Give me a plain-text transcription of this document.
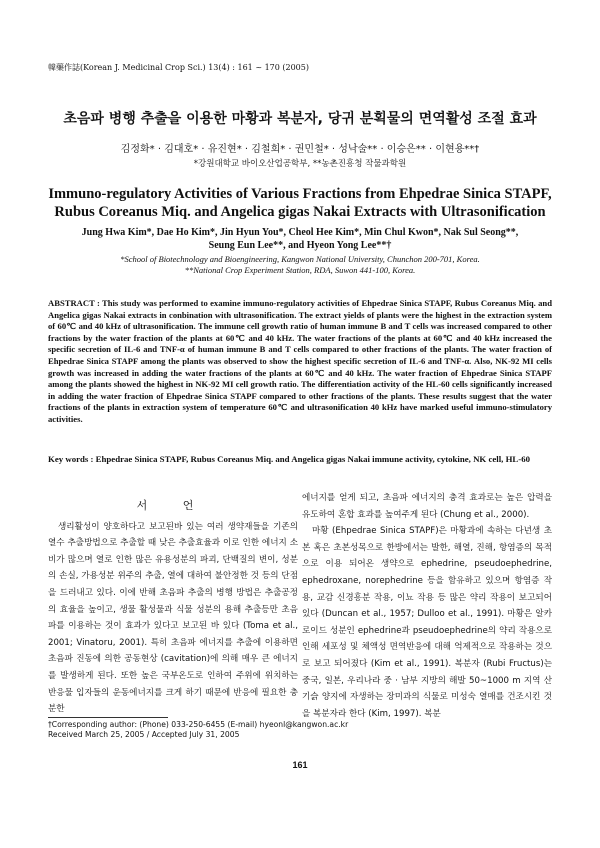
韓藥作誌(Korean J. Medicinal Crop Sci.) 13(4) : 161 ~ 170 (2005)
초음파 병행 추출을 이용한 마황과 복분자, 당귀 분획물의 면역활성 조절 효과
김정화* · 김대호* · 유진현* · 김철희* · 권민철* · 성낙술** · 이승은** · 이현용**†
*강원대학교 바이오산업공학부, **농촌진흥청 작물과학원
Immuno-regulatory Activities of Various Fractions from Ehpedrae Sinica STAPF,
Rubus Coreanus Miq. and Angelica gigas Nakai Extracts with Ultrasonification
Jung Hwa Kim*, Dae Ho Kim*, Jin Hyun You*, Cheol Hee Kim*, Min Chul Kwon*, Nak Sul Seong**,
Seung Eun Lee**, and Hyeon Yong Lee**†
*School of Biotechnology and Bioengineering, Kangwon National University, Chunchon 200-701, Korea.
**National Crop Experiment Station, RDA, Suwon 441-100, Korea.
ABSTRACT : This study was performed to examine immuno-regulatory activities of Ehpedrae Sinica STAPF, Rubus Coreanus Miq. and Angelica gigas Nakai extracts in conbination with ultrasonification. The extract yields of plants were the highest in the extraction system of 60℃ and 40 kHz of ultrasonification. The immune cell growth ratio of human immune B and T cells was increased compared to other fractions by the water fraction of the plants at 60℃ and 40 kHz. The water fractions of the plants at 60℃ and 40 kHz increased the specific secretion of IL-6 and TNF-α of human immune B and T cells compared to other fractions of the plants. The water fraction of Ehpedrae Sinica STAPF among the plants was observed to show the highest specific secretion of IL-6 and TNF-α. Also, NK-92 MI cells growth was increased in adding the water fractions of the plants at 60℃ and 40 kHz. The water fraction of Ehpedrae Sinica STAPF among the plants showed the highest in NK-92 MI cell growth ratio. The differentiation activity of the HL-60 cells significantly increased in adding the water fraction of Ehpedrae Sinica STAPF compared to other fractions of the plants. These results suggest that the water fractions of the plants in extraction system of temperature 60℃ and ultrasonification 40 kHz have marked useful immuno-stimulatory activities.
Key words : Ehpedrae Sinica STAPF, Rubus Coreanus Miq. and Angelica gigas Nakai immune activity, cytokine, NK cell, HL-60
서 언

생리활성이 양호하다고 보고된바 있는 여러 생약재들을 기존의 열수 추출방법으로 추출할 때 낮은 추출효율과 이로 인한 에너지 소비가 많으며 열로 인한 많은 유용성분의 파괴, 단백질의 변이, 성분의 손실, 가용성분 위주의 추출, 열에 대하여 불안정한 것 등의 단점을 드러내고 있다. 이에 반해 초음파 추출의 병행 방법은 추출공정의 효율을 높이고, 생물 활성물과 식물 성분의 용해 추출등만 초음파를 이용하는 것이 효과가 있다고 보고된 바 있다 (Toma et al., 2001; Vinatoru, 2001). 특히 초음파 에너지를 추출에 이용하면 초음파 진동에 의한 공동현상 (cavitation)에 의해 매우 큰 에너지를 발생하게 된다. 또한 높은 국부온도로 인하여 주위에 위치하는 반응물 입자들의 운동에너지를 크게 하기 때문에 반응에 필요한 충분한

에너지를 얻게 되고, 초음파 에너지의 충격 효과로는 높은 압력을 유도하여 혼합 효과를 높여주게 된다 (Chung et al., 2000).

마황 (Ehpedrae Sinica STAPF)은 마황과에 속하는 다년생 초본 혹은 초본성목으로 한방에서는 발한, 해열, 진해, 항염증의 목적으로 이용 되어온 생약으로 ephedrine, pseudoephedrine, ephedroxane, norephedrine 등을 함유하고 있으며 항염증 작용, 교감 신경흥분 작용, 이뇨 작용 등 많은 약리 작용이 보고되어 있다 (Duncan et al., 1957; Dulloo et al., 1991). 마황은 알카로이드 성분인 ephedrine과 pseudoephedrine의 약리 작용으로 인해 세포성 및 체액성 면역반응에 대해 억제적으로 작용하는 것으로 보고 되어졌다 (Kim et al., 1991). 복분자 (Rubi Fructus)는 중국, 일본, 우리나라 중 · 남부 지방의 해발 50~1000 m 지역 산기슭 양지에 자생하는 장미과의 식물로 미성숙 열매를 건조시킨 것을 복분자라 한다 (Kim, 1997). 복분

†Corresponding author: (Phone) 033-250-6455 (E-mail) hyeonl@kangwon.ac.kr
Received March 25, 2005 / Accepted July 31, 2005
161
